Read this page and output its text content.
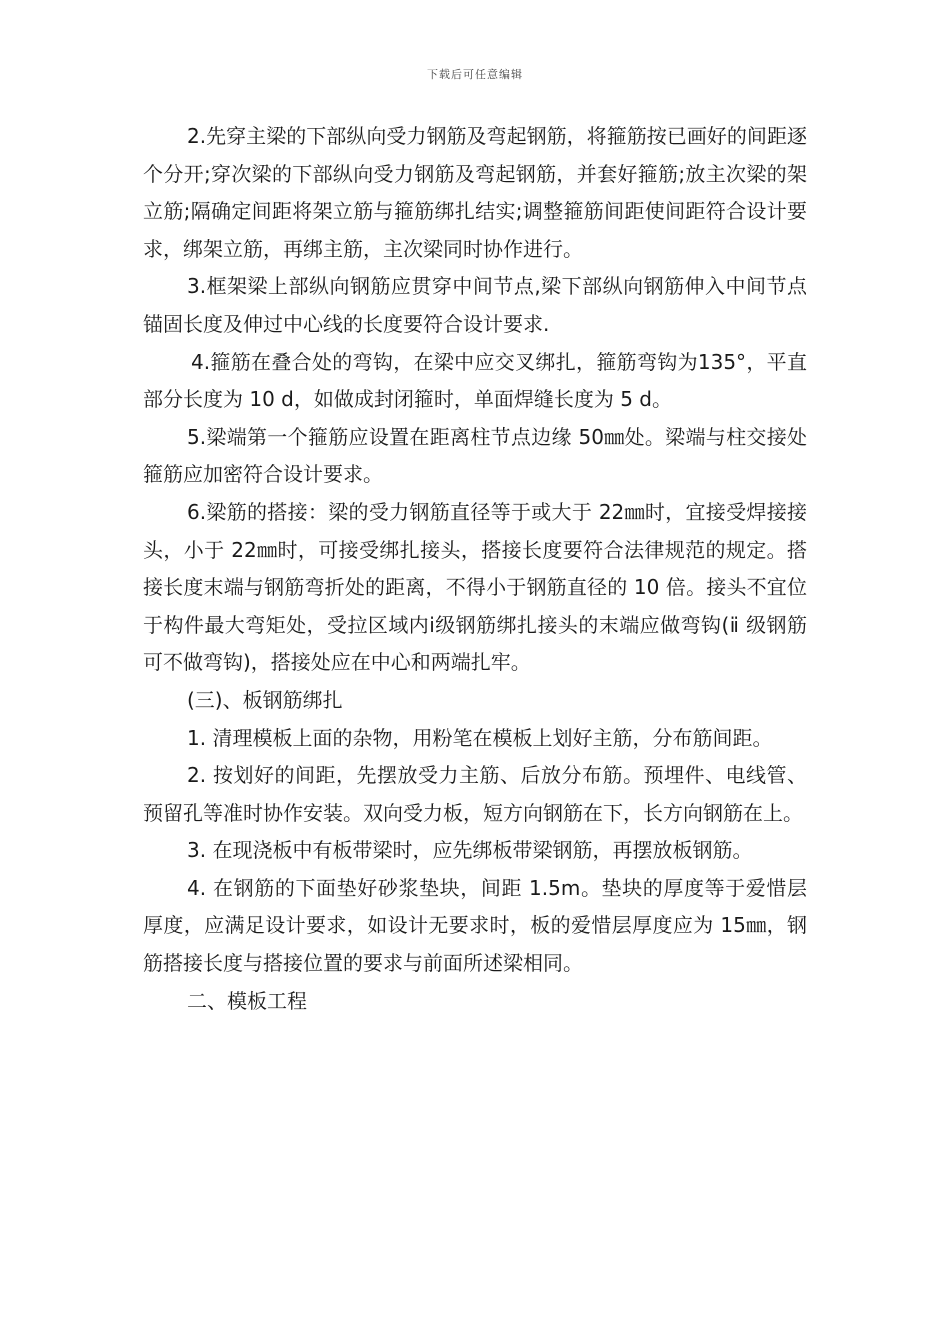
下载后可任意编辑

2.先穿主梁的下部纵向受力钢筋及弯起钢筋，将箍筋按已画好的间距逐个分开;穿次梁的下部纵向受力钢筋及弯起钢筋，并套好箍筋;放主次梁的架立筋;隔确定间距将架立筋与箍筋绑扎结实;调整箍筋间距使间距符合设计要求，绑架立筋，再绑主筋，主次梁同时协作进行。

3.框架梁上部纵向钢筋应贯穿中间节点,梁下部纵向钢筋伸入中间节点锚固长度及伸过中心线的长度要符合设计要求.

4.箍筋在叠合处的弯钩，在梁中应交叉绑扎，箍筋弯钩为135°，平直部分长度为 10 d，如做成封闭箍时，单面焊缝长度为 5 d。

5.梁端第一个箍筋应设置在距离柱节点边缘 50㎜处。梁端与柱交接处箍筋应加密符合设计要求。

6.梁筋的搭接：梁的受力钢筋直径等于或大于 22㎜时，宜接受焊接接头，小于 22㎜时，可接受绑扎接头，搭接长度要符合法律规范的规定。搭接长度末端与钢筋弯折处的距离，不得小于钢筋直径的 10 倍。接头不宜位于构件最大弯矩处，受拉区域内ⅰ级钢筋绑扎接头的末端应做弯钩(ⅱ 级钢筋可不做弯钩)，搭接处应在中心和两端扎牢。

(三)、板钢筋绑扎

1. 清理模板上面的杂物，用粉笔在模板上划好主筋，分布筋间距。

2. 按划好的间距，先摆放受力主筋、后放分布筋。预埋件、电线管、预留孔等准时协作安装。双向受力板，短方向钢筋在下，长方向钢筋在上。

3. 在现浇板中有板带梁时，应先绑板带梁钢筋，再摆放板钢筋。

4. 在钢筋的下面垫好砂浆垫块，间距 1.5m。垫块的厚度等于爱惜层厚度，应满足设计要求，如设计无要求时，板的爱惜层厚度应为 15㎜，钢筋搭接长度与搭接位置的要求与前面所述梁相同。

二、模板工程
